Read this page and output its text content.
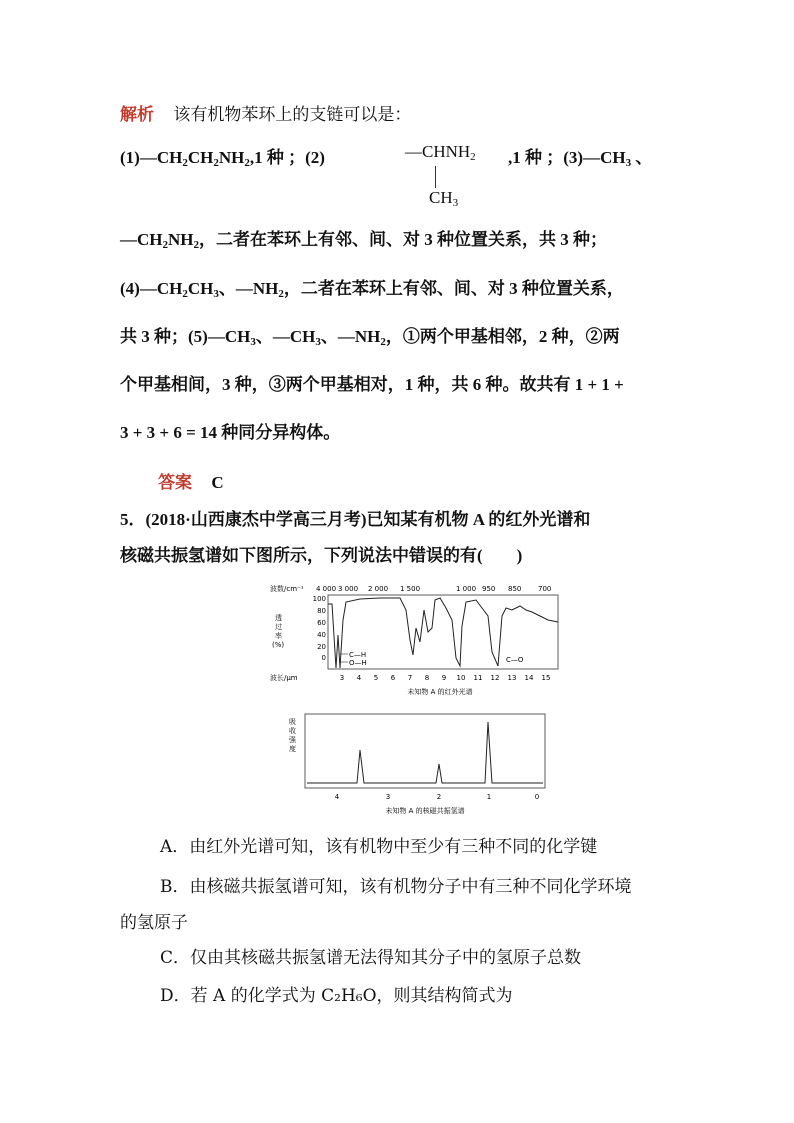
解析 该有机物苯环上的支链可以是：
$(1)—CH_2CH_2NH_2,1$ 种 ；(2)	$—CHNH_2$
$CH_3$
,1 种 ；$(3)—CH_3$ 、
$—CH_2NH_2$，二者在苯环上有邻、间、对 3 种位置关系，共 3 种；
$(4)—CH_2CH_3$、$—NH_2$，二者在苯环上有邻、间、对 3 种位置关系，
共 3 种；$(5)—CH_3$、$—CH_3$、$—NH_2$，①两个甲基相邻，2 种，②两
个甲基相间，3 种，③两个甲基相对，1 种，共 6 种。故共有 1 + 1 +
3 + 3 + 6 = 14 种同分异构体。
答案 C
5．(2018·山西康杰中学高三月考)已知某有机物 A 的红外光谱和
核磁共振氢谱如下图所示，下列说法中错误的有(　　)
波数/cm⁻¹ 4 000 3 000 2 000 1 500	1 000 950 850 700
透
过
率
(%)
100
80
60
40
20
0	C—H
O—H	C—O
波长/μm	3 4 5 6 7 8 9 10 11 12 13 14 15
未知物 A 的红外光谱
吸
收
强
度
4	3	2	1	0
未知物 A 的核磁共振氢谱
A．由红外光谱可知，该有机物中至少有三种不同的化学键
B．由核磁共振氢谱可知，该有机物分子中有三种不同化学环境
的氢原子
C．仅由其核磁共振氢谱无法得知其分子中的氢原子总数
D．若 A 的化学式为 C₂H₆O，则其结构简式为
